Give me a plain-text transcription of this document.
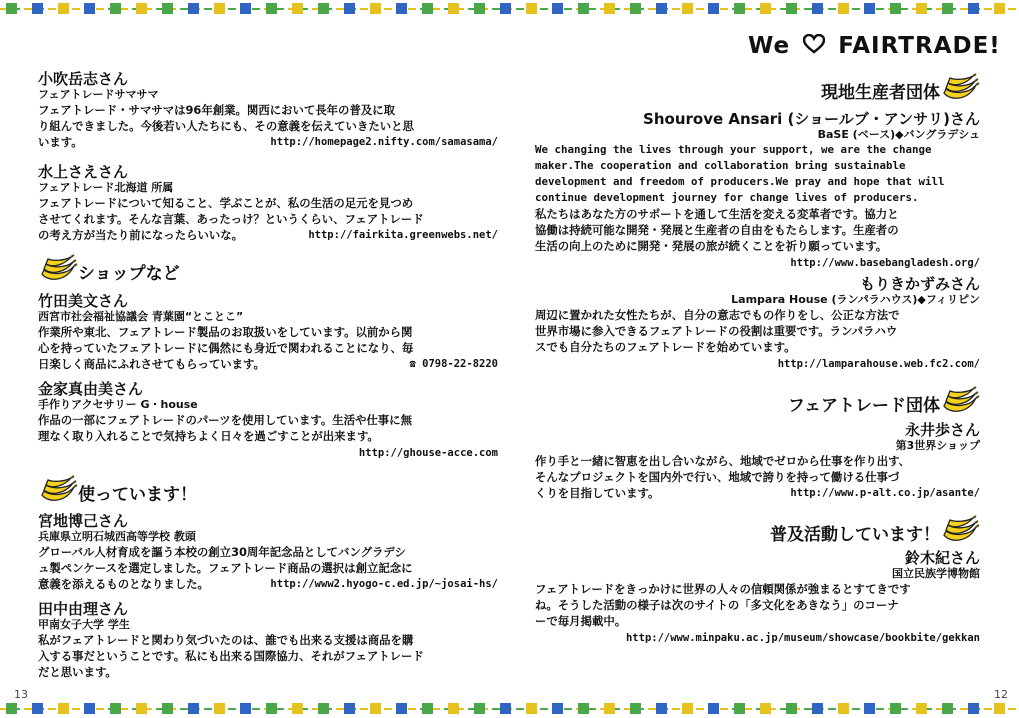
We FAIRTRADE!
小吹岳志さん
フェアトレードサマサマ
フェアトレード・サマサマは96年創業。関西において長年の普及に取
り組んできました。今後若い人たちにも、その意義を伝えていきたいと思
います。	http://homepage2.nifty.com/samasama/
水上さえさん
フェアトレード北海道 所属
フェアトレードについて知ること、学ぶことが、私の生活の足元を見つめ
させてくれます。そんな言葉、あったっけ？というくらい、フェアトレード
の考え方が当たり前になったらいいな。	http://fairkita.greenwebs.net/
ショップなど
竹田美文さん
西宮市社会福祉協議会 青葉園“とことこ”
作業所や東北、フェアトレード製品のお取扱いをしています。以前から関
心を持っていたフェアトレードに偶然にも身近で関われることになり、毎
日楽しく商品にふれさせてもらっています。	☎ 0798-22-8220
金家真由美さん
手作りアクセサリー G・house
作品の一部にフェアトレードのパーツを使用しています。生活や仕事に無
理なく取り入れることで気持ちよく日々を過ごすことが出来ます。
http://ghouse-acce.com
使っています！
宮地博己さん
兵庫県立明石城西高等学校 教頭
グローバル人材育成を謳う本校の創立30周年記念品としてバングラデシ
ュ製ペンケースを選定しました。フェアトレード商品の選択は創立記念に
意義を添えるものとなりました。	http://www2.hyogo-c.ed.jp/~josai-hs/
田中由理さん
甲南女子大学 学生
私がフェアトレードと関わり気づいたのは、誰でも出来る支援は商品を購
入する事だということです。私にも出来る国際協力、それがフェアトレード
だと思います。
13
現地生産者団体
Shourove Ansari (ショールブ・アンサリ)さん
BaSE (ベース)◆バングラデシュ
We changing the lives through your support, we are the change
maker.The cooperation and collaboration bring sustainable
development and freedom of producers.We pray and hope that will
continue development journey for change lives of producers.
私たちはあなた方のサポートを通して生活を変える変革者です。協力と
協働は持続可能な開発・発展と生産者の自由をもたらします。生産者の
生活の向上のために開発・発展の旅が続くことを祈り願っています。
http://www.basebangladesh.org/
もりきかずみさん
Lampara House (ランパラハウス)◆フィリピン
周辺に置かれた女性たちが、自分の意志でもの作りをし、公正な方法で
世界市場に参入できるフェアトレードの役割は重要です。ランパラハウ
スでも自分たちのフェアトレードを始めています。
http://lamparahouse.web.fc2.com/
フェアトレード団体
永井歩さん
第3世界ショップ
作り手と一緒に智恵を出し合いながら、地域でゼロから仕事を作り出す、
そんなプロジェクトを国内外で行い、地域で誇りを持って働ける仕事づ
くりを目指しています。	http://www.p-alt.co.jp/asante/
普及活動しています！
鈴木紀さん
国立民族学博物館
フェアトレードをきっかけに世界の人々の信頼関係が強まるとすてきです
ね。そうした活動の様子は次のサイトの「多文化をあきなう」のコーナ
ーで毎月掲載中。
http://www.minpaku.ac.jp/museum/showcase/bookbite/gekkan
12
